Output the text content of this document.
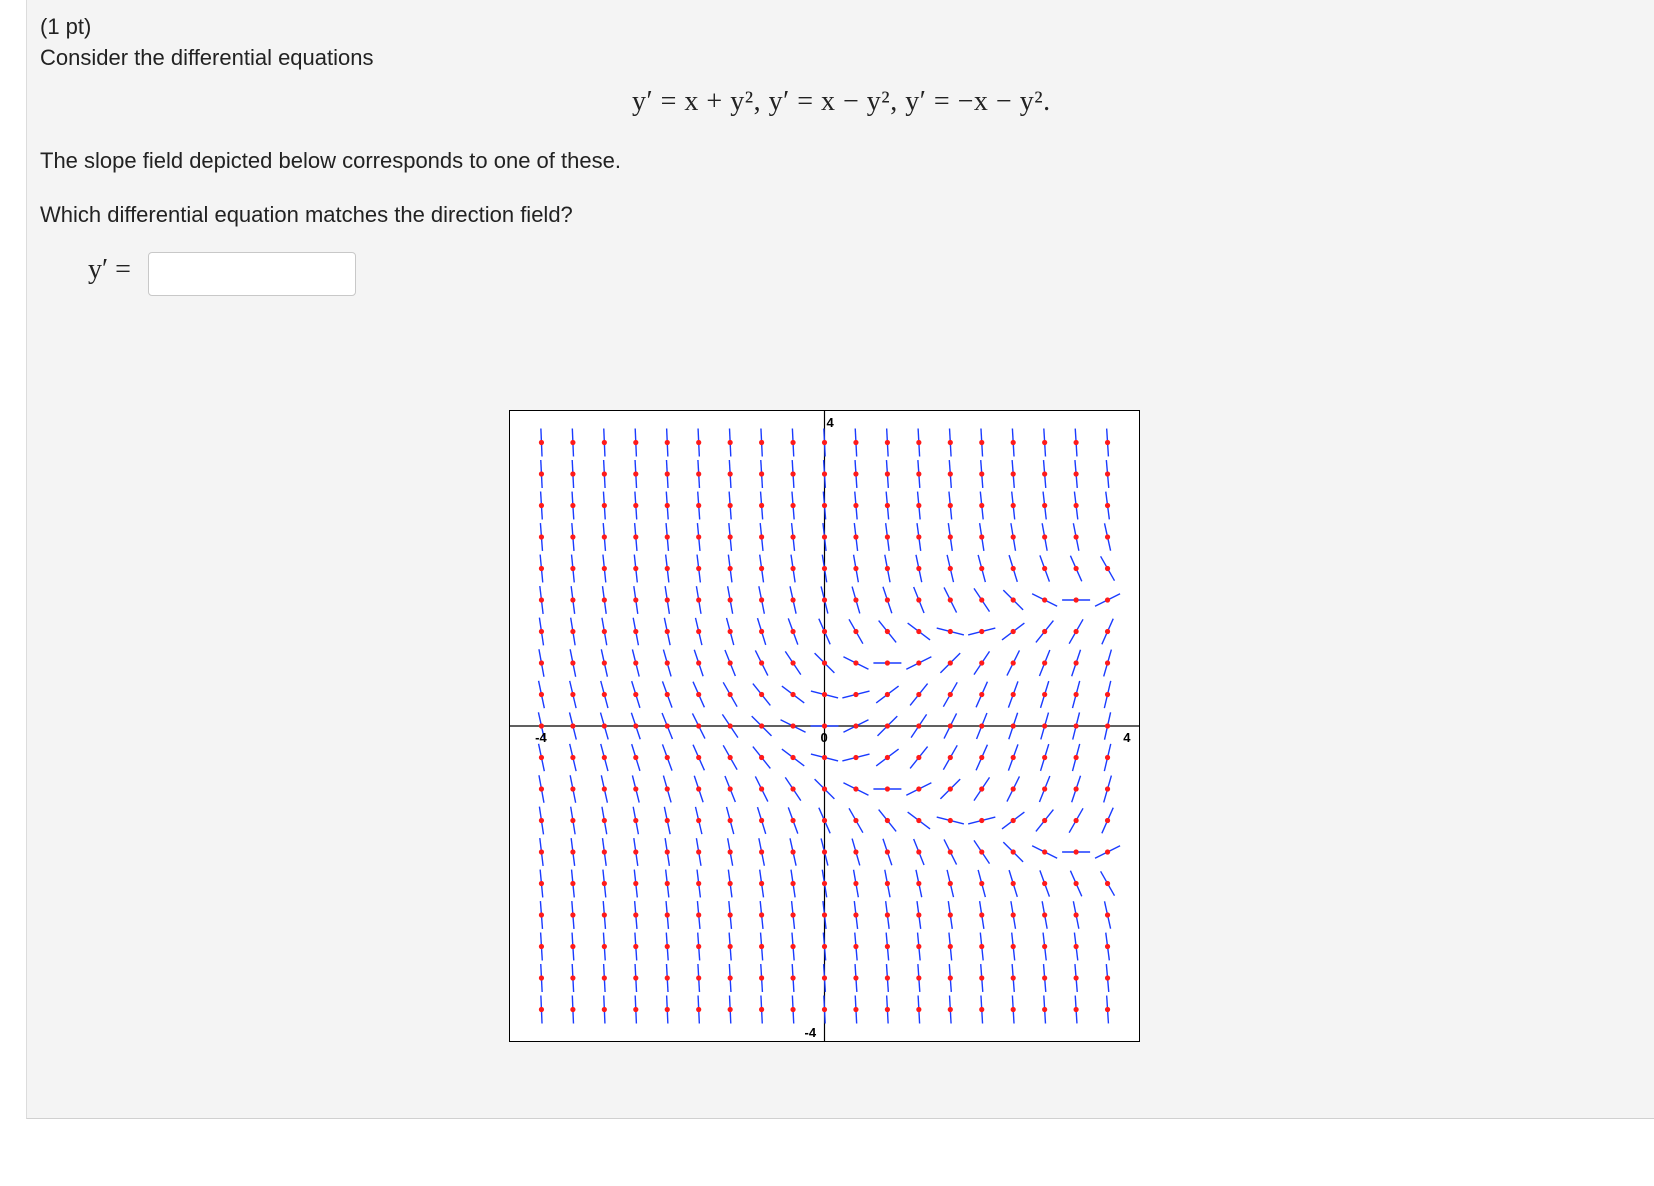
(1 pt)
Consider the differential equations
y′ = x + y², y′ = x − y², y′ = −x − y².
The slope field depicted below corresponds to one of these.
Which differential equation matches the direction field?
y′ =
-4	4
4
-4
0
